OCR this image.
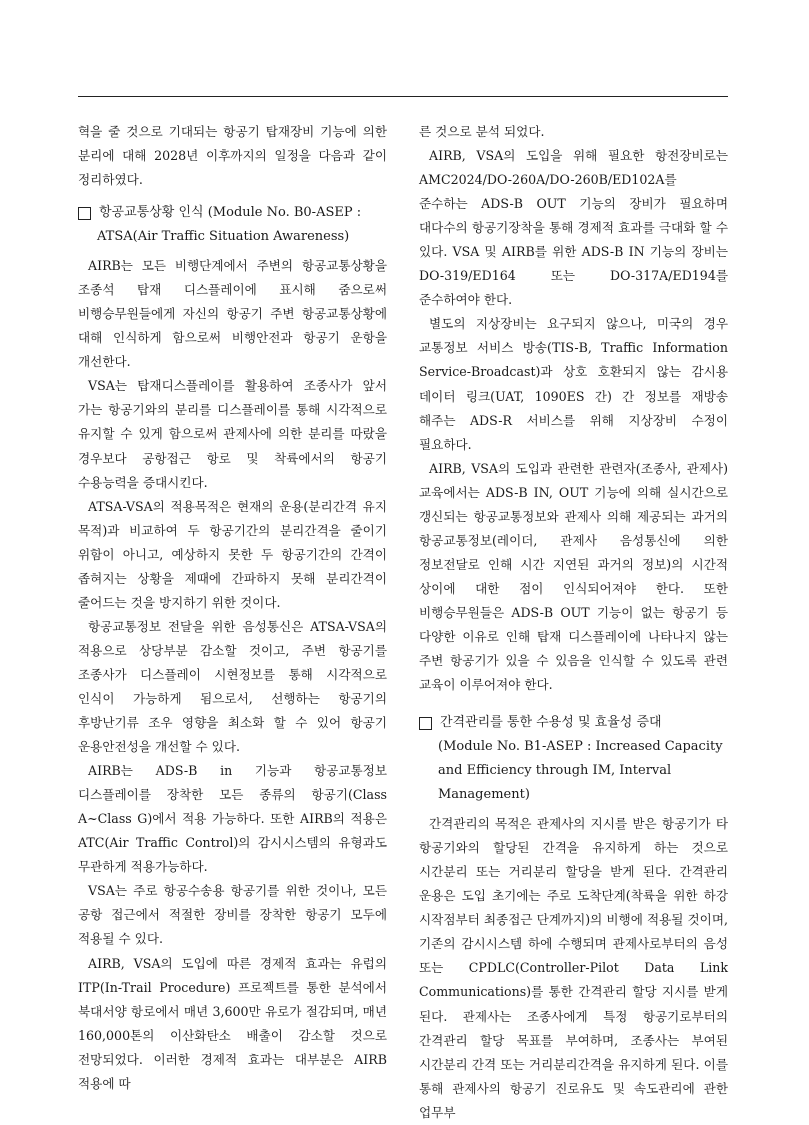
혁을 줄 것으로 기대되는 항공기 탑재장비 기능에 의한 분리에 대해 2028년 이후까지의 일정을 다음과 같이 정리하였다.

항공교통상황 인식 (Module No. B0-ASEP :
ATSA(Air Traffic Situation Awareness)

AIRB는 모든 비행단계에서 주변의 항공교통상황을 조종석 탑재 디스플레이에 표시해 줌으로써 비행승무원들에게 자신의 항공기 주변 항공교통상황에 대해 인식하게 함으로써 비행안전과 항공기 운항을 개선한다.

VSA는 탑재디스플레이를 활용하여 조종사가 앞서 가는 항공기와의 분리를 디스플레이를 통해 시각적으로 유지할 수 있게 함으로써 관제사에 의한 분리를 따랐을 경우보다 공항접근 항로 및 착륙에서의 항공기 수용능력을 증대시킨다.

ATSA-VSA의 적용목적은 현재의 운용(분리간격 유지 목적)과 비교하여 두 항공기간의 분리간격을 줄이기 위함이 아니고, 예상하지 못한 두 항공기간의 간격이 좁혀지는 상황을 제때에 간파하지 못해 분리간격이 줄어드는 것을 방지하기 위한 것이다.

항공교통정보 전달을 위한 음성통신은 ATSA-VSA의 적용으로 상당부분 감소할 것이고, 주변 항공기를 조종사가 디스플레이 시현정보를 통해 시각적으로 인식이 가능하게 됨으로서, 선행하는 항공기의 후방난기류 조우 영향을 최소화 할 수 있어 항공기 운용안전성을 개선할 수 있다.

AIRB는 ADS-B in 기능과 항공교통정보 디스플레이를 장착한 모든 종류의 항공기(Class A~Class G)에서 적용 가능하다. 또한 AIRB의 적용은 ATC(Air Traffic Control)의 감시시스템의 유형과도 무관하게 적용가능하다.

VSA는 주로 항공수송용 항공기를 위한 것이나, 모든 공항 접근에서 적절한 장비를 장착한 항공기 모두에 적용될 수 있다.

AIRB, VSA의 도입에 따른 경제적 효과는 유럽의 ITP(In-Trail Procedure) 프로젝트를 통한 분석에서 북대서양 항로에서 매년 3,600만 유로가 절감되며, 매년 160,000톤의 이산화탄소 배출이 감소할 것으로 전망되었다. 이러한 경제적 효과는 대부분은 AIRB 적용에 따

른 것으로 분석 되었다.

AIRB, VSA의 도입을 위해 필요한 항전장비로는 AMC2024/DO-260A/DO-260B/ED102A를 준수하는 ADS-B OUT 기능의 장비가 필요하며 대다수의 항공기장착을 통해 경제적 효과를 극대화 할 수 있다. VSA 및 AIRB를 위한 ADS-B IN 기능의 장비는 DO-319/ED164 또는 DO-317A/ED194를 준수하여야 한다.

별도의 지상장비는 요구되지 않으나, 미국의 경우 교통정보 서비스 방송(TIS-B, Traffic Information Service-Broadcast)과 상호 호환되지 않는 감시용 데이터 링크(UAT, 1090ES 간) 간 정보를 재방송 해주는 ADS-R 서비스를 위해 지상장비 수정이 필요하다.

AIRB, VSA의 도입과 관련한 관련자(조종사, 관제사) 교육에서는 ADS-B IN, OUT 기능에 의해 실시간으로 갱신되는 항공교통정보와 관제사 의해 제공되는 과거의 항공교통정보(레이더, 관제사 음성통신에 의한 정보전달로 인해 시간 지연된 과거의 정보)의 시간적 상이에 대한 점이 인식되어져야 한다. 또한 비행승무원들은 ADS-B OUT 기능이 없는 항공기 등 다양한 이유로 인해 탑재 디스플레이에 나타나지 않는 주변 항공기가 있을 수 있음을 인식할 수 있도록 관련 교육이 이루어져야 한다.

간격관리를 통한 수용성 및 효율성 증대
(Module No. B1-ASEP : Increased Capacity and Efficiency through IM, Interval Management)

간격관리의 목적은 관제사의 지시를 받은 항공기가 타 항공기와의 할당된 간격을 유지하게 하는 것으로 시간분리 또는 거리분리 할당을 받게 된다. 간격관리 운용은 도입 초기에는 주로 도착단계(착륙을 위한 하강 시작점부터 최종접근 단계까지)의 비행에 적용될 것이며, 기존의 감시시스템 하에 수행되며 관제사로부터의 음성 또는 CPDLC(Controller-Pilot Data Link Communications)를 통한 간격관리 할당 지시를 받게 된다. 관제사는 조종사에게 특정 항공기로부터의 간격관리 할당 목표를 부여하며, 조종사는 부여된 시간분리 간격 또는 거리분리간격을 유지하게 된다. 이를 통해 관제사의 항공기 진로유도 및 속도관리에 관한 업무부
